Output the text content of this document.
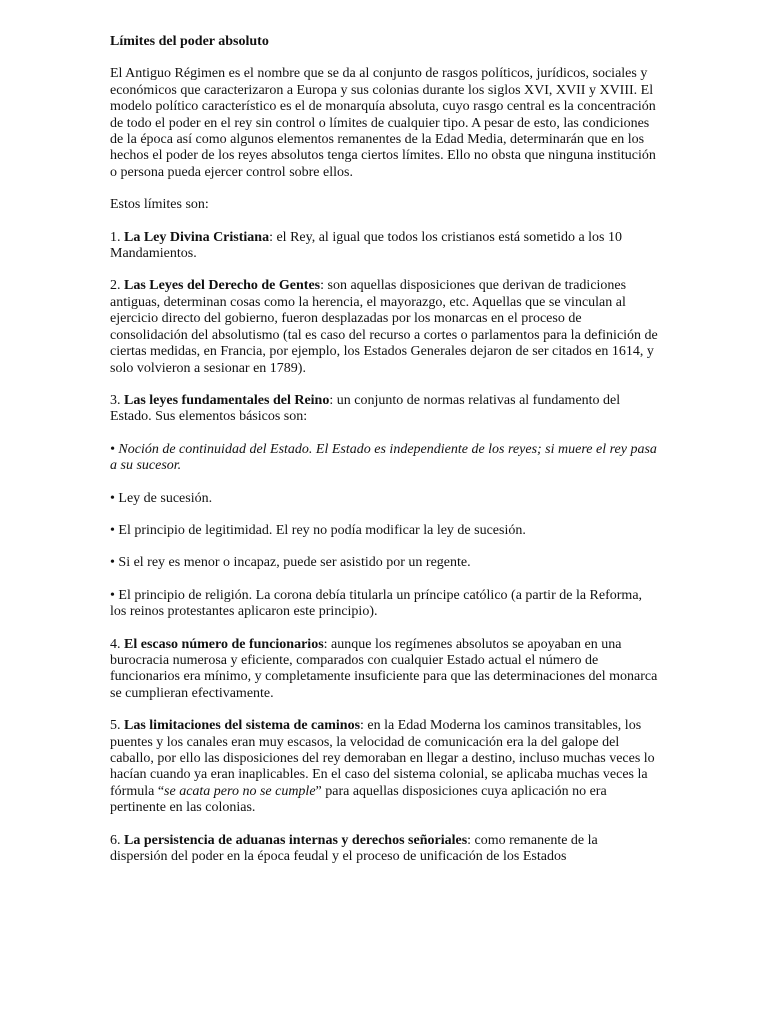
Límites del poder absoluto

El Antiguo Régimen es el nombre que se da al conjunto de rasgos políticos, jurídicos, sociales y económicos que caracterizaron a Europa y sus colonias durante los siglos XVI, XVII y XVIII. El modelo político característico es el de monarquía absoluta, cuyo rasgo central es la concentración de todo el poder en el rey sin control o límites de cualquier tipo. A pesar de esto, las condiciones de la época así como algunos elementos remanentes de la Edad Media, determinarán que en los hechos el poder de los reyes absolutos tenga ciertos límites. Ello no obsta que ninguna institución o persona pueda ejercer control sobre ellos.

Estos límites son:

1. La Ley Divina Cristiana: el Rey, al igual que todos los cristianos está sometido a los 10 Mandamientos.

2. Las Leyes del Derecho de Gentes: son aquellas disposiciones que derivan de tradiciones antiguas, determinan cosas como la herencia, el mayorazgo, etc. Aquellas que se vinculan al ejercicio directo del gobierno, fueron desplazadas por los monarcas en el proceso de consolidación del absolutismo (tal es caso del recurso a cortes o parlamentos para la definición de ciertas medidas, en Francia, por ejemplo, los Estados Generales dejaron de ser citados en 1614, y solo volvieron a sesionar en 1789).

3. Las leyes fundamentales del Reino: un conjunto de normas relativas al fundamento del Estado. Sus elementos básicos son:

• Noción de continuidad del Estado. El Estado es independiente de los reyes; si muere el rey pasa a su sucesor.

• Ley de sucesión.

• El principio de legitimidad. El rey no podía modificar la ley de sucesión.

• Si el rey es menor o incapaz, puede ser asistido por un regente.

• El principio de religión. La corona debía titularla un príncipe católico (a partir de la Reforma, los reinos protestantes aplicaron este principio).

4. El escaso número de funcionarios: aunque los regímenes absolutos se apoyaban en una burocracia numerosa y eficiente, comparados con cualquier Estado actual el número de funcionarios era mínimo, y completamente insuficiente para que las determinaciones del monarca se cumplieran efectivamente.

5. Las limitaciones del sistema de caminos: en la Edad Moderna los caminos transitables, los puentes y los canales eran muy escasos, la velocidad de comunicación era la del galope del caballo, por ello las disposiciones del rey demoraban en llegar a destino, incluso muchas veces lo hacían cuando ya eran inaplicables. En el caso del sistema colonial, se aplicaba muchas veces la fórmula “se acata pero no se cumple” para aquellas disposiciones cuya aplicación no era pertinente en las colonias.

6. La persistencia de aduanas internas y derechos señoriales: como remanente de la dispersión del poder en la época feudal y el proceso de unificación de los Estados
